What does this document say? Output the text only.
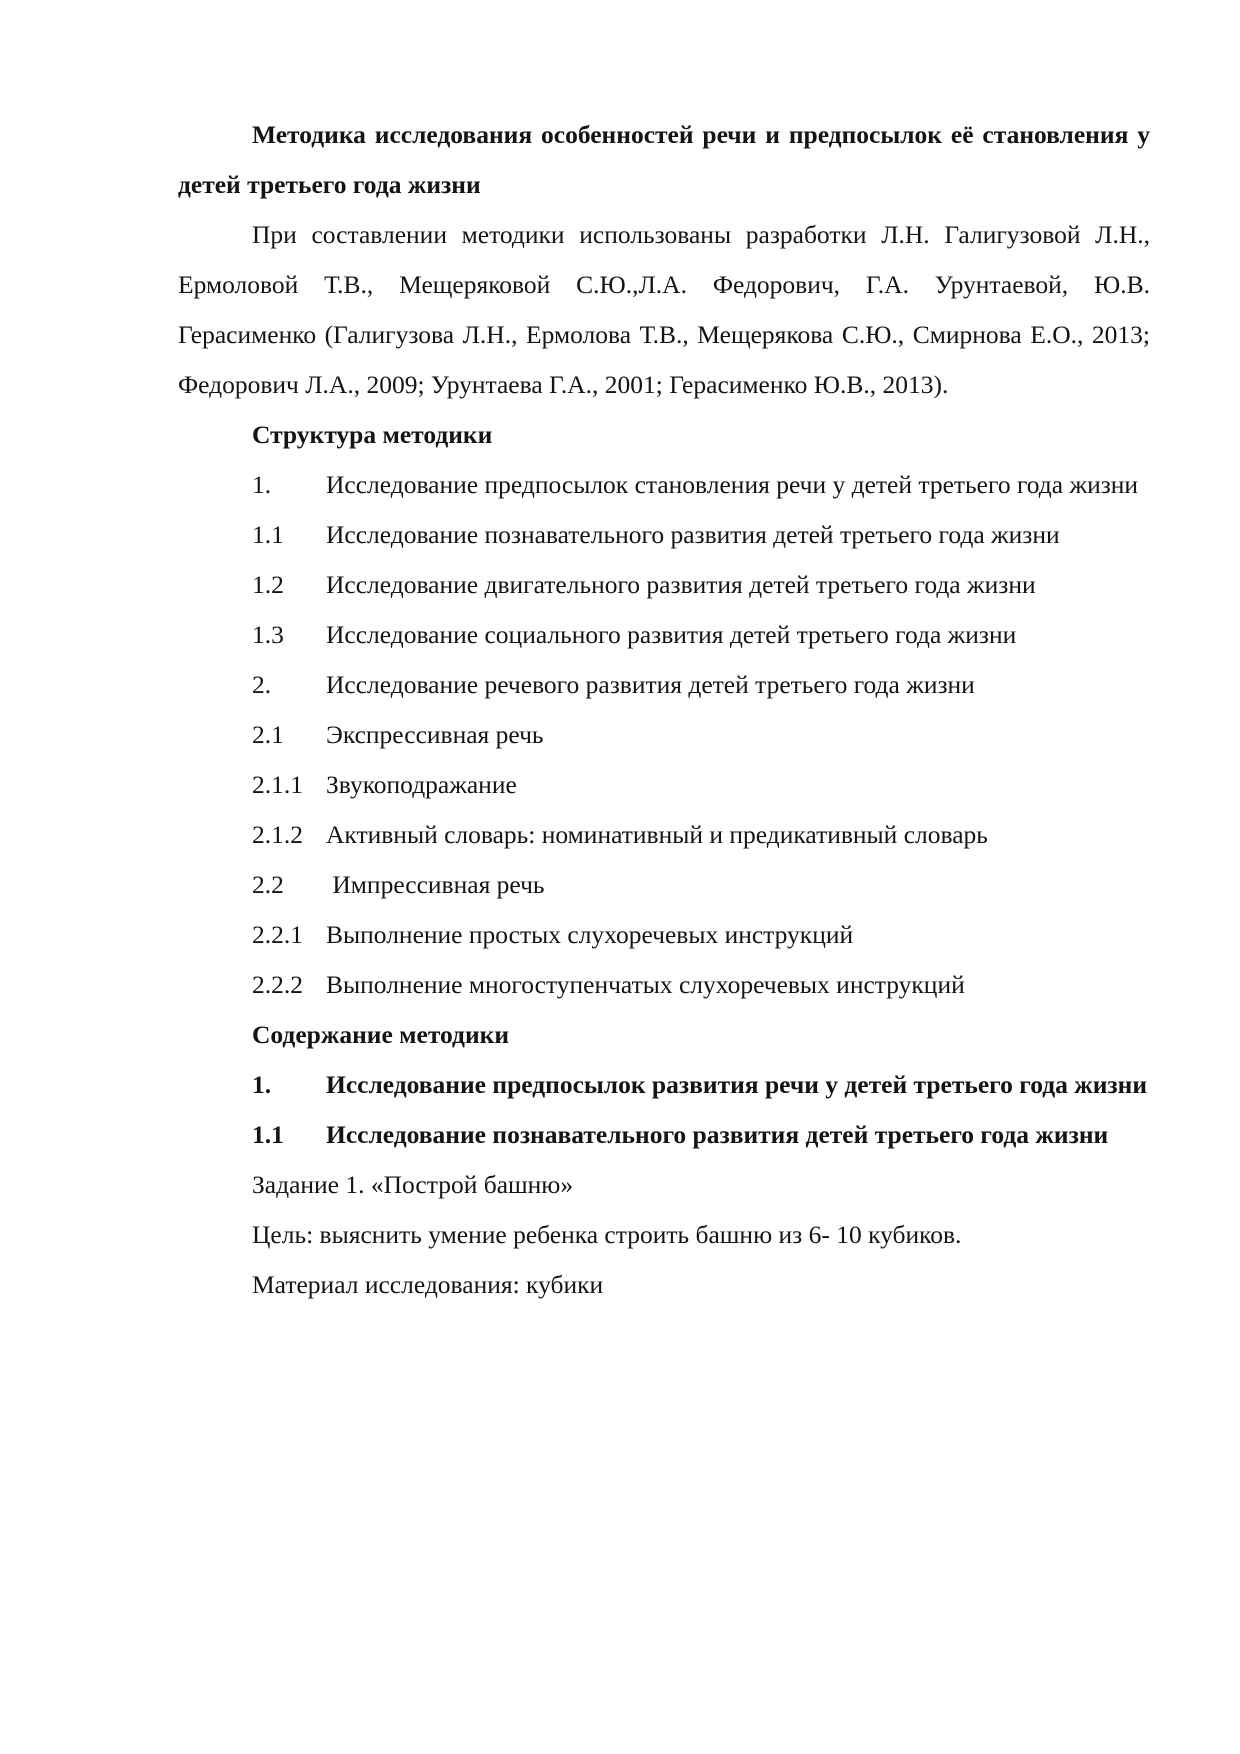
Методика исследования особенностей речи и предпосылок её становления у детей третьего года жизни

При составлении методики использованы разработки Л.Н. Галигузовой Л.Н., Ермоловой Т.В., Мещеряковой С.Ю.,Л.А. Федорович, Г.А. Урунтаевой, Ю.В. Герасименко (Галигузова Л.Н., Ермолова Т.В., Мещерякова С.Ю., Смирнова Е.О., 2013; Федорович Л.А., 2009; Урунтаева Г.А., 2001; Герасименко Ю.В., 2013).

Структура методики

1. Исследование предпосылок становления речи у детей третьего года жизни

1.1 Исследование познавательного развития детей третьего года жизни

1.2 Исследование двигательного развития детей третьего года жизни

1.3 Исследование социального развития детей третьего года жизни

2. Исследование речевого развития детей третьего года жизни

2.1 Экспрессивная речь

2.1.1 Звукоподражание

2.1.2 Активный словарь: номинативный и предикативный словарь

2.2 Импрессивная речь

2.2.1 Выполнение простых слухоречевых инструкций

2.2.2 Выполнение многоступенчатых слухоречевых инструкций

Содержание методики

1. Исследование предпосылок развития речи у детей третьего года жизни

1.1 Исследование познавательного развития детей третьего года жизни

Задание 1. «Построй башню»

Цель: выяснить умение ребенка строить башню из 6- 10 кубиков.

Материал исследования: кубики
